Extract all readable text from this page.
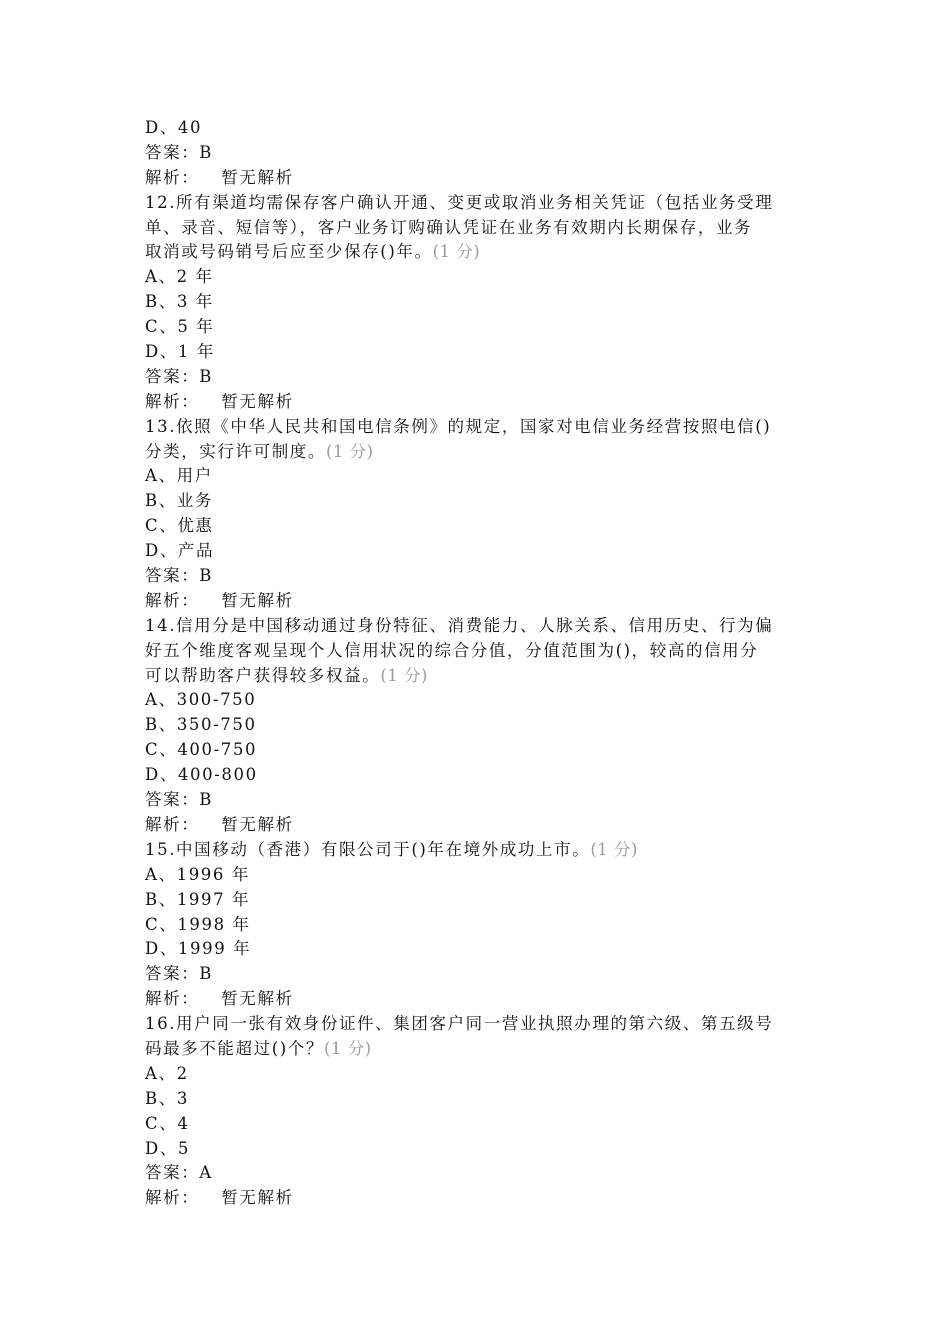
D、40
答案：B
解析： 暂无解析
12.所有渠道均需保存客户确认开通、变更或取消业务相关凭证（包括业务受理
单、录音、短信等），客户业务订购确认凭证在业务有效期内长期保存，业务
取消或号码销号后应至少保存()年。(1 分)
A、2 年
B、3 年
C、5 年
D、1 年
答案：B
解析： 暂无解析
13.依照《中华人民共和国电信条例》的规定，国家对电信业务经营按照电信()
分类，实行许可制度。(1 分)
A、用户
B、业务
C、优惠
D、产品
答案：B
解析： 暂无解析
14.信用分是中国移动通过身份特征、消费能力、人脉关系、信用历史、行为偏
好五个维度客观呈现个人信用状况的综合分值，分值范围为()，较高的信用分
可以帮助客户获得较多权益。(1 分)
A、300-750
B、350-750
C、400-750
D、400-800
答案：B
解析： 暂无解析
15.中国移动（香港）有限公司于()年在境外成功上市。(1 分)
A、1996 年
B、1997 年
C、1998 年
D、1999 年
答案：B
解析： 暂无解析
16.用户同一张有效身份证件、集团客户同一营业执照办理的第六级、第五级号
码最多不能超过()个？(1 分)
A、2
B、3
C、4
D、5
答案：A
解析： 暂无解析
